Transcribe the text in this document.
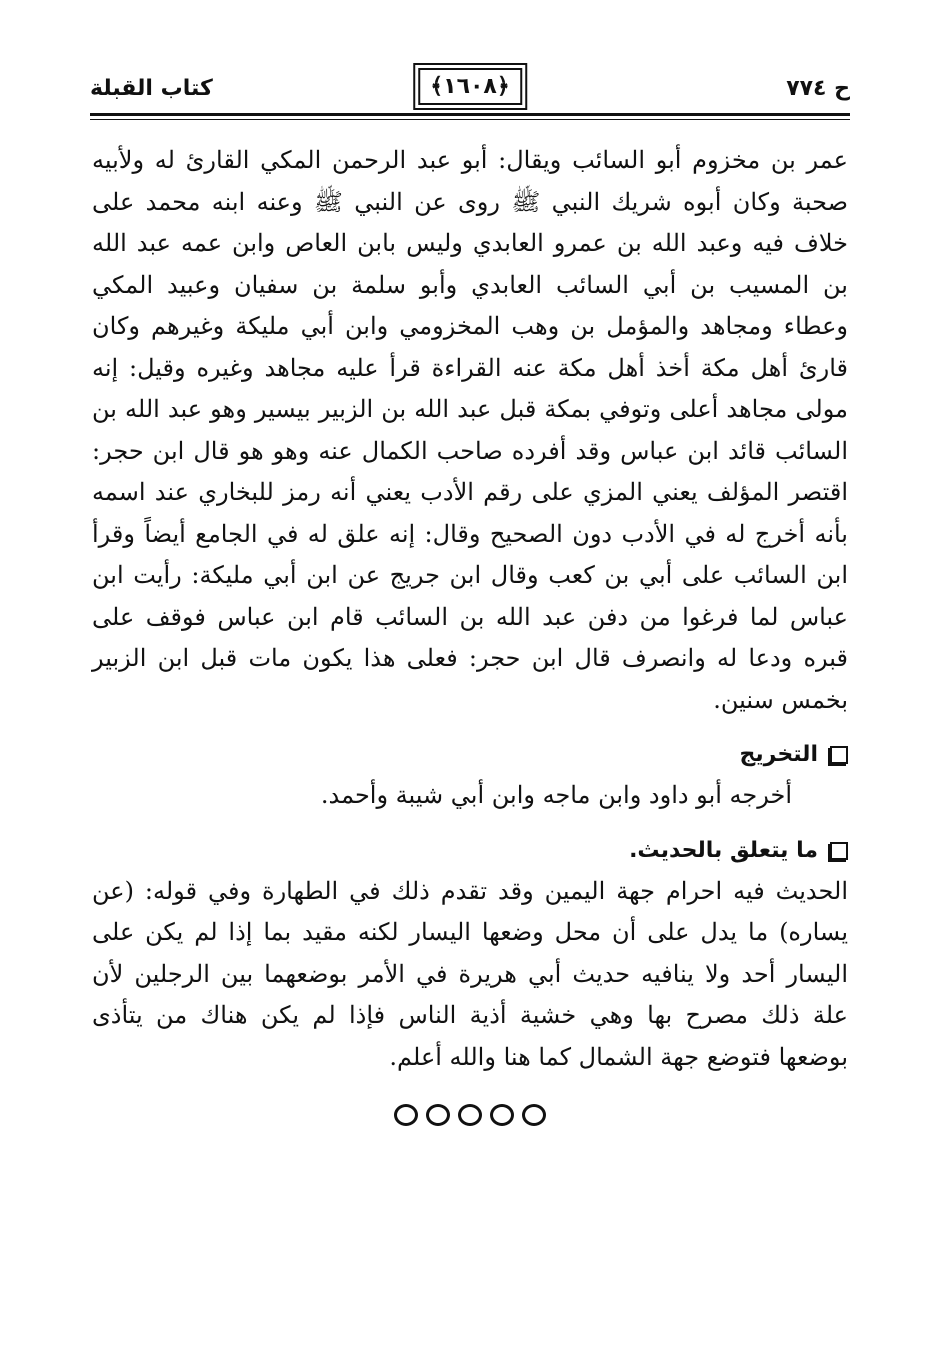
ح ٧٧٤
﴿١٦٠٨﴾
كتاب القبلة

عمر بن مخزوم أبو السائب ويقال: أبو عبد الرحمن المكي القارئ له ولأبيه صحبة وكان أبوه شريك النبي ﷺ روى عن النبي ﷺ وعنه ابنه محمد على خلاف فيه وعبد الله بن عمرو العابدي وليس بابن العاص وابن عمه عبد الله بن المسيب بن أبي السائب العابدي وأبو سلمة بن سفيان وعبيد المكي وعطاء ومجاهد والمؤمل بن وهب المخزومي وابن أبي مليكة وغيرهم وكان قارئ أهل مكة أخذ أهل مكة عنه القراءة قرأ عليه مجاهد وغيره وقيل: إنه مولى مجاهد أعلى وتوفي بمكة قبل عبد الله بن الزبير بيسير وهو عبد الله بن السائب قائد ابن عباس وقد أفرده صاحب الكمال عنه وهو هو قال ابن حجر: اقتصر المؤلف يعني المزي على رقم الأدب يعني أنه رمز للبخاري عند اسمه بأنه أخرج له في الأدب دون الصحيح وقال: إنه علق له في الجامع أيضاً وقرأ ابن السائب على أبي بن كعب وقال ابن جريج عن ابن أبي مليكة: رأيت ابن عباس لما فرغوا من دفن عبد الله بن السائب قام ابن عباس فوقف على قبره ودعا له وانصرف قال ابن حجر: فعلى هذا يكون مات قبل ابن الزبير بخمس سنين.

التخريج

أخرجه أبو داود وابن ماجه وابن أبي شيبة وأحمد.

ما يتعلق بالحديث.

الحديث فيه احرام جهة اليمين وقد تقدم ذلك في الطهارة وفي قوله: (عن يساره) ما يدل على أن محل وضعها اليسار لكنه مقيد بما إذا لم يكن على اليسار أحد ولا ينافيه حديث أبي هريرة في الأمر بوضعهما بين الرجلين لأن علة ذلك مصرح بها وهي خشية أذية الناس فإذا لم يكن هناك من يتأذى بوضعها فتوضع جهة الشمال كما هنا والله أعلم.
